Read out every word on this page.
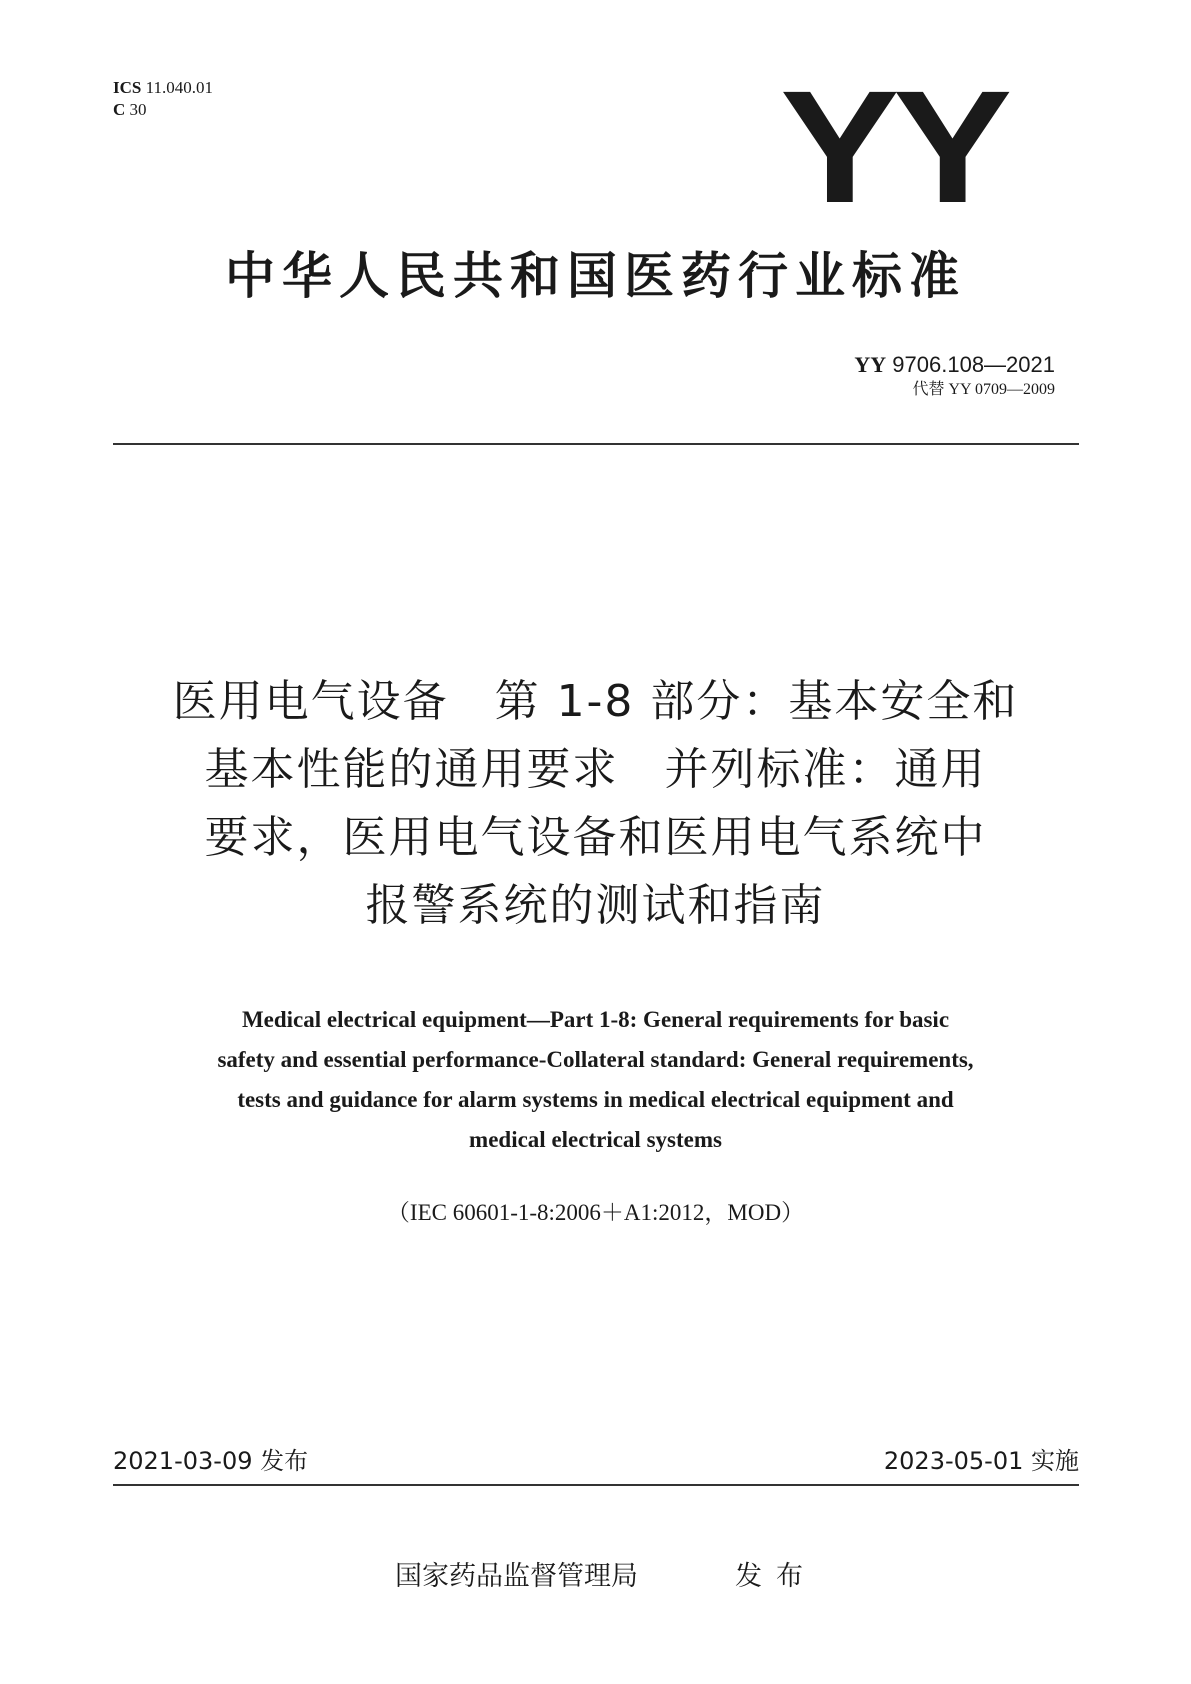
ICS 11.040.01
C 30	YY
中华人民共和国医药行业标准
YY 9706.108—2021
代替 YY 0709—2009
医用电气设备　第 1-8 部分：基本安全和
基本性能的通用要求　并列标准：通用
要求，医用电气设备和医用电气系统中
报警系统的测试和指南
Medical electrical equipment—Part 1-8: General requirements for basic
safety and essential performance-Collateral standard: General requirements,
tests and guidance for alarm systems in medical electrical equipment and
medical electrical systems
（IEC 60601-1-8:2006＋A1:2012，MOD）
2021-03-09 发布	2023-05-01 实施
国家药品监督管理局	发布
